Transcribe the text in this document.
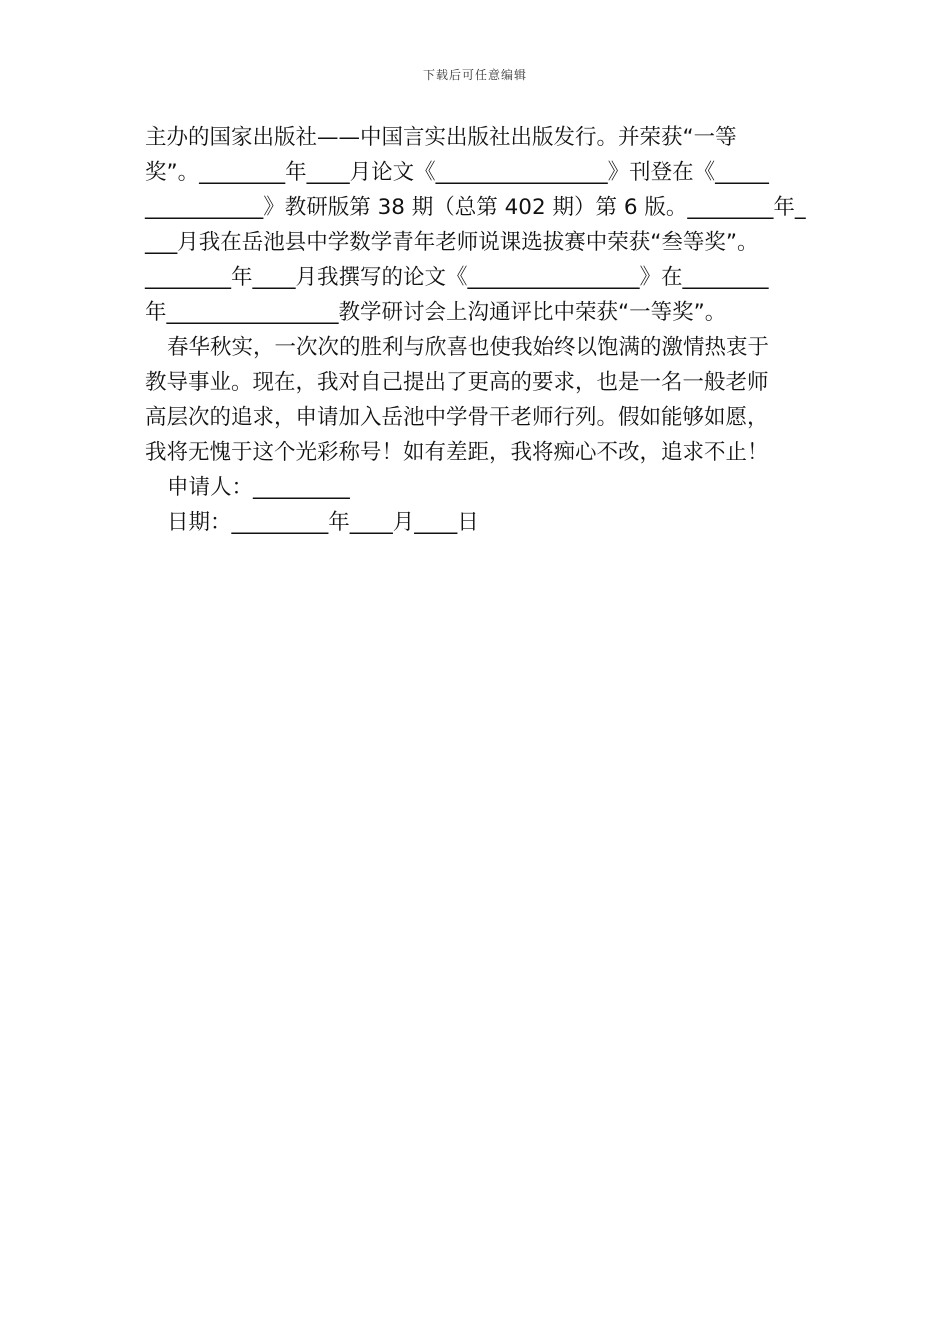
下载后可任意编辑
主办的国家出版社——中国言实出版社出版发行。并荣获“一等
奖”。________年____月论文《________________》刊登在《_____
___________》教研版第 38 期（总第 402 期）第 6 版。________年_
___月我在岳池县中学数学青年老师说课选拔赛中荣获“叁等奖”。
________年____月我撰写的论文《________________》在________
年________________教学研讨会上沟通评比中荣获“一等奖”。
春华秋实，一次次的胜利与欣喜也使我始终以饱满的激情热衷于
教导事业。现在，我对自己提出了更高的要求，也是一名一般老师
高层次的追求，申请加入岳池中学骨干老师行列。假如能够如愿，
我将无愧于这个光彩称号！如有差距，我将痴心不改，追求不止！
申请人：_________
日期：_________年____月____日
